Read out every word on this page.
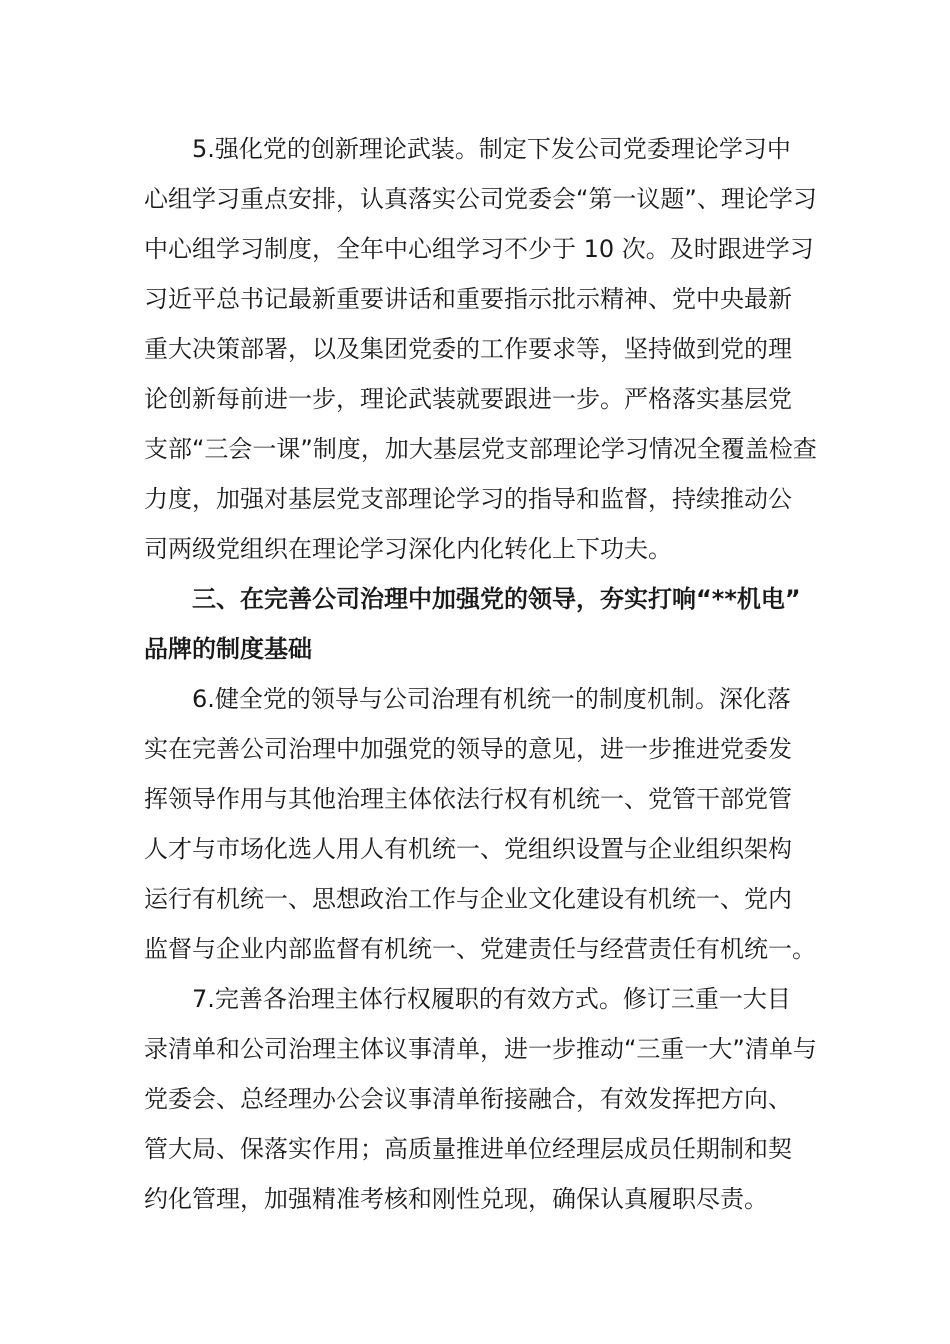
5.强化党的创新理论武装。制定下发公司党委理论学习中
心组学习重点安排，认真落实公司党委会“第一议题”、理论学习
中心组学习制度，全年中心组学习不少于 10 次。及时跟进学习
习近平总书记最新重要讲话和重要指示批示精神、党中央最新
重大决策部署，以及集团党委的工作要求等，坚持做到党的理
论创新每前进一步，理论武装就要跟进一步。严格落实基层党
支部“三会一课”制度，加大基层党支部理论学习情况全覆盖检查
力度，加强对基层党支部理论学习的指导和监督，持续推动公
司两级党组织在理论学习深化内化转化上下功夫。
三、在完善公司治理中加强党的领导，夯实打响“**机电”
品牌的制度基础
6.健全党的领导与公司治理有机统一的制度机制。深化落
实在完善公司治理中加强党的领导的意见，进一步推进党委发
挥领导作用与其他治理主体依法行权有机统一、党管干部党管
人才与市场化选人用人有机统一、党组织设置与企业组织架构
运行有机统一、思想政治工作与企业文化建设有机统一、党内
监督与企业内部监督有机统一、党建责任与经营责任有机统一。
7.完善各治理主体行权履职的有效方式。修订三重一大目
录清单和公司治理主体议事清单，进一步推动“三重一大”清单与
党委会、总经理办公会议事清单衔接融合，有效发挥把方向、
管大局、保落实作用；高质量推进单位经理层成员任期制和契
约化管理，加强精准考核和刚性兑现，确保认真履职尽责。
